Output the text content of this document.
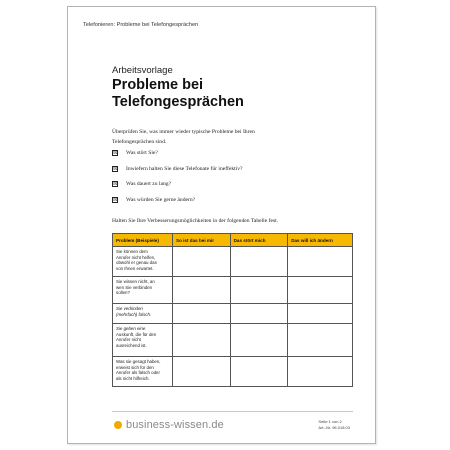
Telefonieren: Probleme bei Telefongesprächen
Arbeitsvorlage
Probleme bei
Telefongesprächen
Überprüfen Sie, was immer wieder typische Probleme bei Ihren
Telefongesprächen sind.
☒ Was stört Sie?
☒ Inwiefern halten Sie diese Telefonate für ineffektiv?
☒ Was dauert zu lang?
☒ Was würden Sie gerne ändern?
Halten Sie Ihre Verbesserungsmöglichkeiten in der folgenden Tabelle fest.
Problem (Beispiele)	So ist das bei mir	Das stört mich	Das will ich ändern

Sie können dem
Anrufer nicht helfen,
obwohl er genau das
von Ihnen erwartet.			

Sie wissen nicht, an
wen Sie verbinden
sollen?			

Sie verbinden
(mehrfach) falsch.			

Sie geben eine
Auskunft, die für den
Anrufer nicht
ausreichend ist.			

Was sie gesagt haben,
erweist sich für den
Anrufer als falsch oder
als nicht hilfreich.			

business-wissen.de	Seite 1 von 2
Art.-Nr. 96.018.03
